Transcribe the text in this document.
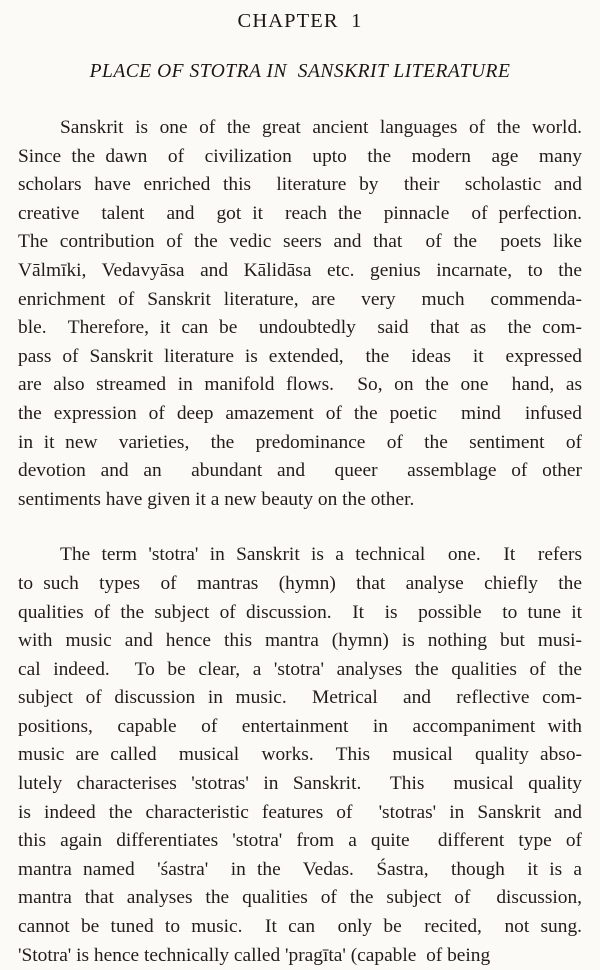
CHAPTER  1
PLACE OF STOTRA IN  SANSKRIT LITERATURE
Sanskrit is one of the great ancient languages of the world.
Since the dawn  of  civilization  upto  the  modern  age  many
scholars have enriched this  literature by  their  scholastic and
creative  talent  and  got it  reach the  pinnacle  of perfection.
The contribution of the vedic seers and that  of the  poets like
Vālmīki, Vedavyāsa and Kālidāsa etc. genius incarnate, to the
enrichment of Sanskrit literature, are  very  much  commenda-
ble.  Therefore, it can be  undoubtedly  said  that as  the com-
pass of Sanskrit literature is extended,  the  ideas  it  expressed
are also streamed in manifold flows.  So, on the one  hand, as
the expression of deep amazement of the poetic  mind  infused
in it new  varieties,  the  predominance  of  the  sentiment  of
devotion and an  abundant and  queer  assemblage of other
sentiments have given it a new beauty on the other.
The term 'stotra' in Sanskrit is a technical  one.  It  refers
to such  types  of  mantras  (hymn)  that  analyse  chiefly  the
qualities of the subject of discussion.  It  is  possible  to tune it
with music and hence this mantra (hymn) is nothing but musi-
cal indeed.  To be clear, a 'stotra' analyses the qualities of the
subject of discussion in music.  Metrical  and  reflective com-
positions,  capable  of  entertainment  in  accompaniment with
music are called  musical  works.  This  musical  quality abso-
lutely characterises 'stotras' in Sanskrit.  This  musical quality
is indeed the characteristic features of  'stotras' in Sanskrit and
this again differentiates 'stotra' from a quite  different type of
mantra named  'śastra'  in the  Vedas.  Śastra,  though  it is a
mantra that analyses the qualities of the subject of  discussion,
cannot be tuned to music.  It can  only be  recited,  not sung.
'Stotra' is hence technically called 'pragīta' (capable  of being
